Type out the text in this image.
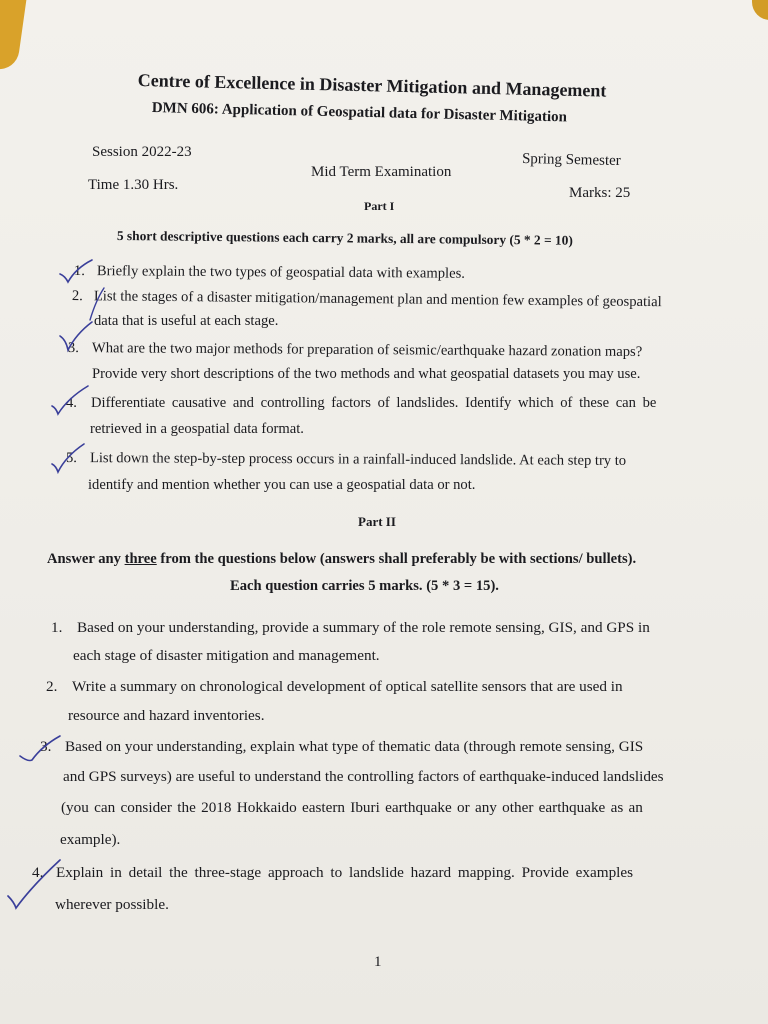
Centre of Excellence in Disaster Mitigation and Management
DMN 606: Application of Geospatial data for Disaster Mitigation
Session 2022-23
Mid Term Examination
Spring Semester
Time 1.30 Hrs.	Marks: 25
Part I
5 short descriptive questions each carry 2 marks, all are compulsory (5 * 2 = 10)
1. Briefly explain the two types of geospatial data with examples.
2. List the stages of a disaster mitigation/management plan and mention few examples of geospatial
data that is useful at each stage.
3. What are the two major methods for preparation of seismic/earthquake hazard zonation maps?
Provide very short descriptions of the two methods and what geospatial datasets you may use.
4. Differentiate causative and controlling factors of landslides. Identify which of these can be
retrieved in a geospatial data format.
5. List down the step-by-step process occurs in a rainfall-induced landslide. At each step try to
identify and mention whether you can use a geospatial data or not.
Part II
Answer any three from the questions below (answers shall preferably be with sections/ bullets).
Each question carries 5 marks. (5 * 3 = 15).
1. Based on your understanding, provide a summary of the role remote sensing, GIS, and GPS in
each stage of disaster mitigation and management.
2. Write a summary on chronological development of optical satellite sensors that are used in
resource and hazard inventories.
3. Based on your understanding, explain what type of thematic data (through remote sensing, GIS
and GPS surveys) are useful to understand the controlling factors of earthquake-induced landslides
(you can consider the 2018 Hokkaido eastern Iburi earthquake or any other earthquake as an
example).
4. Explain in detail the three-stage approach to landslide hazard mapping. Provide examples
wherever possible.
1
